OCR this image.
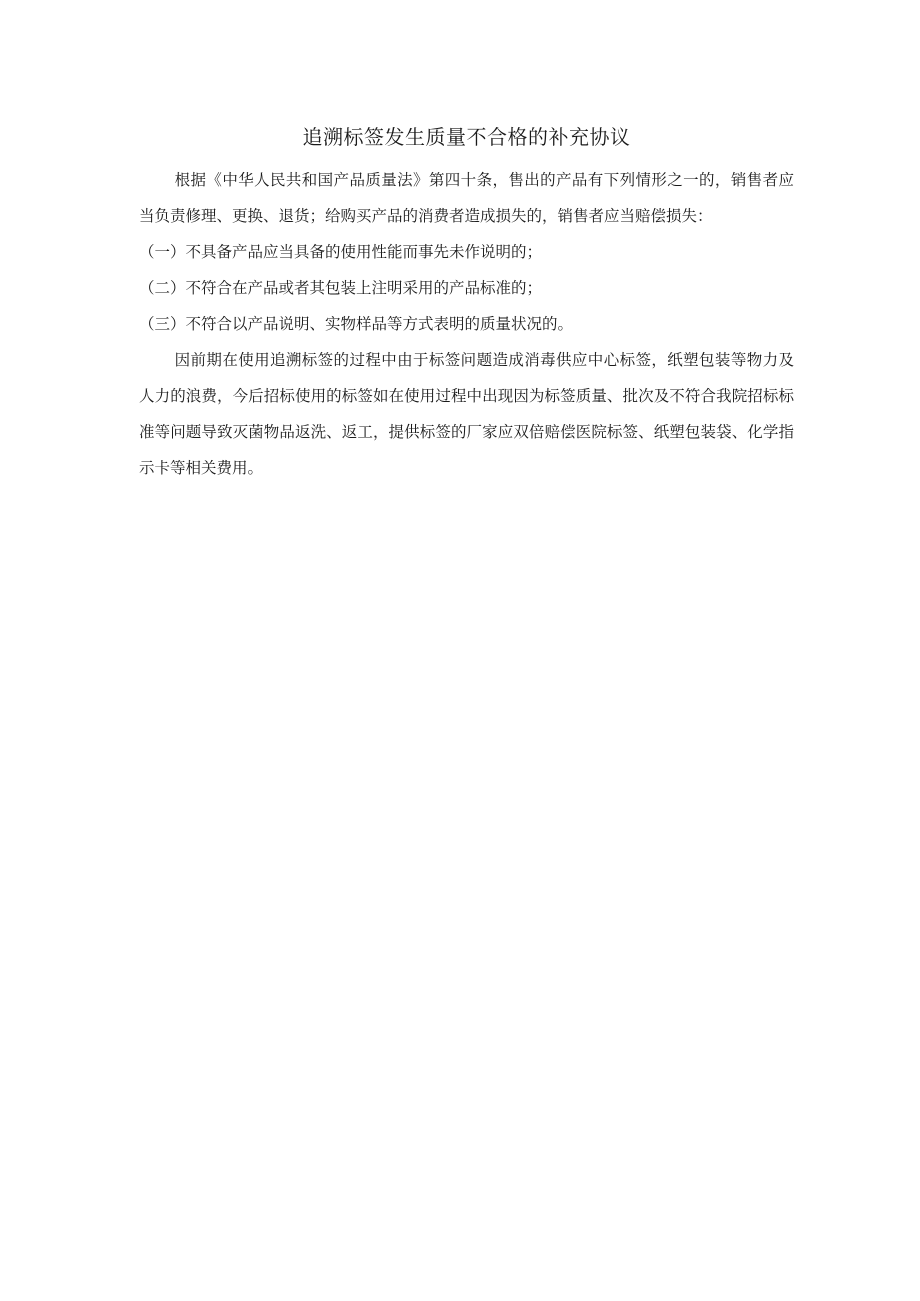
追溯标签发生质量不合格的补充协议

根据《中华人民共和国产品质量法》第四十条，售出的产品有下列情形之一的，销售者应当负责修理、更换、退货；给购买产品的消费者造成损失的，销售者应当赔偿损失：

（一）不具备产品应当具备的使用性能而事先未作说明的；

（二）不符合在产品或者其包装上注明采用的产品标准的；

（三）不符合以产品说明、实物样品等方式表明的质量状况的。

因前期在使用追溯标签的过程中由于标签问题造成消毒供应中心标签，纸塑包装等物力及人力的浪费，今后招标使用的标签如在使用过程中出现因为标签质量、批次及不符合我院招标标准等问题导致灭菌物品返洗、返工，提供标签的厂家应双倍赔偿医院标签、纸塑包装袋、化学指示卡等相关费用。
